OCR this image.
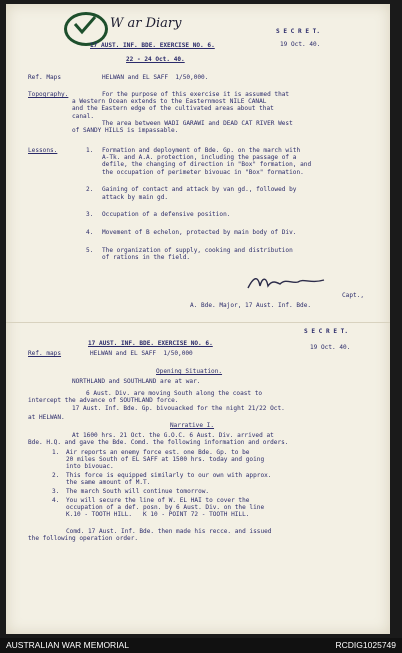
W ar Diary
S E C R E T.
19 Oct. 40.
17 AUST. INF. BDE. EXERCISE NO. 6.
22 - 24 Oct. 40.
Ref. Maps	HELWAN and EL SAFF  1/50,000.
Topography.	For the purpose of this exercise it is assumed that
a Western Ocean extends to the Easternmost NILE CANAL
and the Eastern edge of the cultivated areas about that
canal.
The area between WADI GARAWI and DEAD CAT RIVER West
of SANDY HILLS is impassable.
Lessons.	1. Formation and deployment of Bde. Gp. on the march with
A-Tk. and A.A. protection, including the passage of a
defile, the changing of direction in "Box" formation, and
the occupation of perimeter bivouac in "Box" formation.
2. Gaining of contact and attack by van gd., followed by
attack by main gd.
3. Occupation of a defensive position.
4. Movement of B echelon, protected by main body of Div.
5. The organization of supply, cooking and distribution
of rations in the field.
Capt.,
A. Bde. Major, 17 Aust. Inf. Bde.
S E C R E T.
17 AUST. INF. BDE. EXERCISE NO. 6.
Ref. maps	HELWAN and EL SAFF  1/50,000
19 Oct. 40.
Opening Situation.
NORTHLAND and SOUTHLAND are at war.
6 Aust. Div. are moving South along the coast to
intercept the advance of SOUTHLAND force.
17 Aust. Inf. Bde. Gp. bivouacked for the night 21/22 Oct.
at HELWAN.
Narrative I.
At 1600 hrs. 21 Oct. the G.O.C. 6 Aust. Div. arrived at
Bde. H.Q. and gave the Bde. Comd. the following information and orders.
1. Air reports an enemy force est. one Bde. Gp. to be
20 miles South of EL SAFF at 1500 hrs. today and going
into bivouac.
2. This force is equipped similarly to our own with approx.
the same amount of M.T.
3. The march South will continue tomorrow.
4. You will secure the line of W. EL HAI to cover the
occupation of a def. posn. by 6 Aust. Div. on the line
K.10 - TOOTH HILL.   K 10 - POINT 72 - TOOTH HILL.
Comd. 17 Aust. Inf. Bde. then made his recce. and issued
the following operation order.
AUSTRALIAN WAR MEMORIAL	RCDIG1025749
